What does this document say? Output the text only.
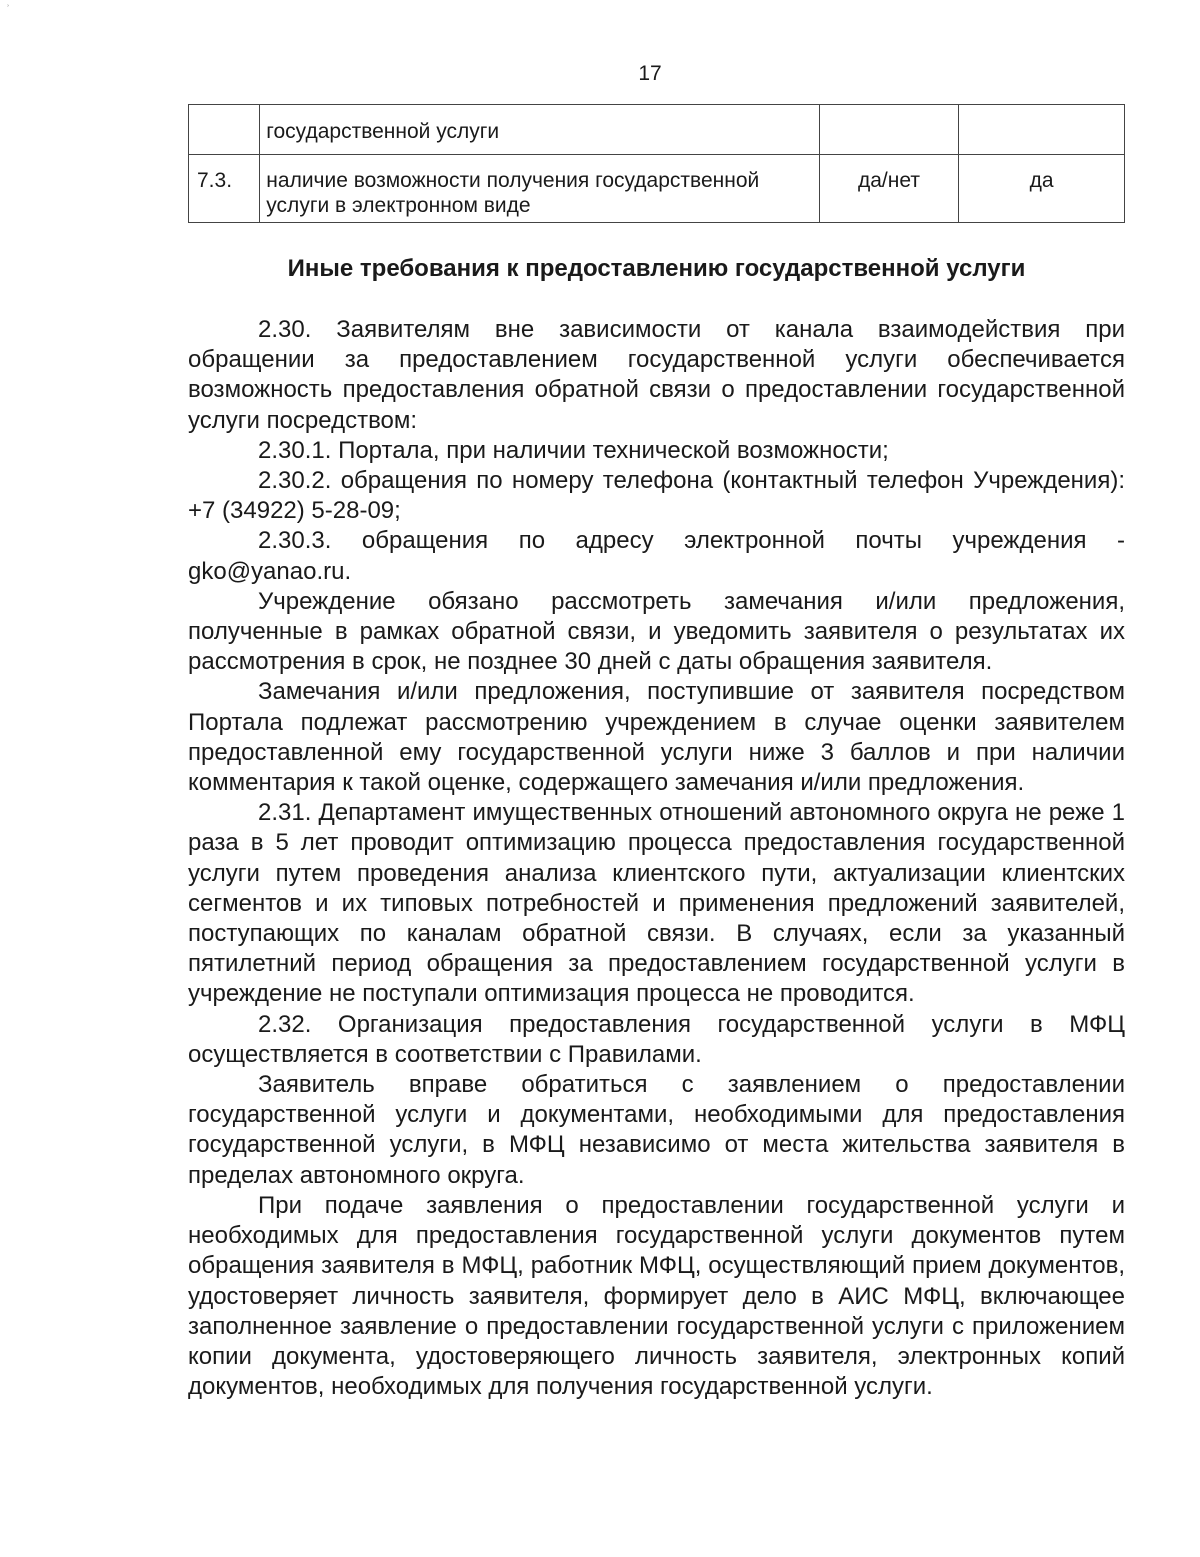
ʾ
17
	государственной услуги		
7.3.	наличие возможности получения государственной услуги в электронном виде	да/нет	да
Иные требования к предоставлению государственной услуги

2.30. Заявителям вне зависимости от канала взаимодействия при обращении за предоставлением государственной услуги обеспечивается возможность предоставления обратной связи о предоставлении государственной услуги посредством:

2.30.1. Портала, при наличии технической возможности;

2.30.2. обращения по номеру телефона (контактный телефон Учреждения): +7 (34922) 5-28-09;

2.30.3. обращения по адресу электронной почты учреждения - gko@yanao.ru.

Учреждение обязано рассмотреть замечания и/или предложения, полученные в рамках обратной связи, и уведомить заявителя о результатах их рассмотрения в срок, не позднее 30 дней с даты обращения заявителя.

Замечания и/или предложения, поступившие от заявителя посредством Портала подлежат рассмотрению учреждением в случае оценки заявителем предоставленной ему государственной услуги ниже 3 баллов и при наличии комментария к такой оценке, содержащего замечания и/или предложения.

2.31. Департамент имущественных отношений автономного округа не реже 1 раза в 5 лет проводит оптимизацию процесса предоставления государственной услуги путем проведения анализа клиентского пути, актуализации клиентских сегментов и их типовых потребностей и применения предложений заявителей, поступающих по каналам обратной связи. В случаях, если за указанный пятилетний период обращения за предоставлением государственной услуги в учреждение не поступали оптимизация процесса не проводится.

2.32. Организация предоставления государственной услуги в МФЦ осуществляется в соответствии с Правилами.

Заявитель вправе обратиться с заявлением о предоставлении государственной услуги и документами, необходимыми для предоставления государственной услуги, в МФЦ независимо от места жительства заявителя в пределах автономного округа.

При подаче заявления о предоставлении государственной услуги и необходимых для предоставления государственной услуги документов путем обращения заявителя в МФЦ, работник МФЦ, осуществляющий прием документов, удостоверяет личность заявителя, формирует дело в АИС МФЦ, включающее заполненное заявление о предоставлении государственной услуги с приложением копии документа, удостоверяющего личность заявителя, электронных копий документов, необходимых для получения государственной услуги.
